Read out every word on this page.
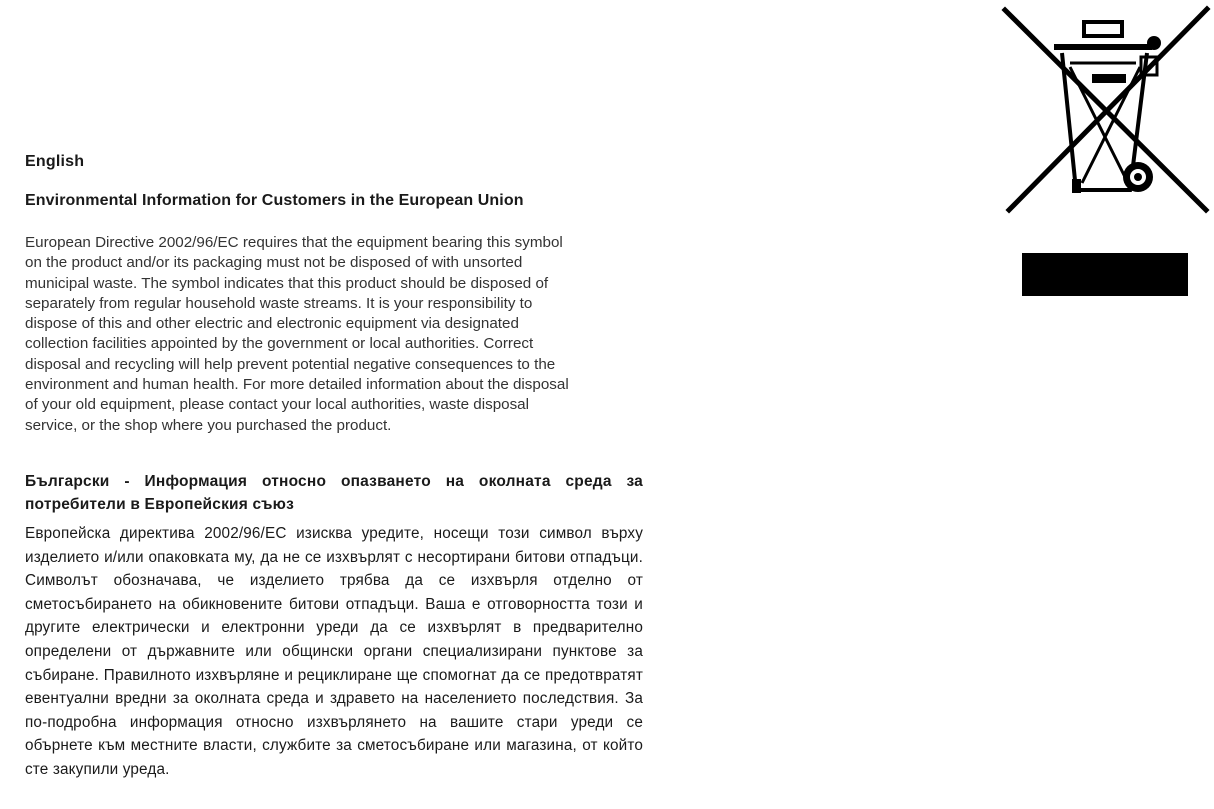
English
Environmental Information for Customers in the European Union

European Directive 2002/96/EC requires that the equipment bearing this symbol
on the product and/or its packaging must not be disposed of with unsorted
municipal waste. The symbol indicates that this product should be disposed of
separately from regular household waste streams. It is your responsibility to
dispose of this and other electric and electronic equipment via designated
collection facilities appointed by the government or local authorities. Correct
disposal and recycling will help prevent potential negative consequences to the
environment and human health. For more detailed information about the disposal
of your old equipment, please contact your local authorities, waste disposal
service, or the shop where you purchased the product.

Български - Информация относно опазването на околната среда за потребители в Европейския съюз

Европейска директива 2002/96/EC изисква уредите, носещи този символ върху изделието и/или опаковката му, да не се изхвърлят с несортирани битови отпадъци. Символът обозначава, че изделието трябва да се изхвърля отделно от сметосъбирането на обикновените битови отпадъци. Ваша е отговорността този и другите електрически и електронни уреди да се изхвърлят в предварително определени от държавните или общински органи специализирани пунктове за събиране. Правилното изхвърляне и рециклиране ще спомогнат да се предотвратят евентуални вредни за околната среда и здравето на населението последствия. За по-подробна информация относно изхвърлянето на вашите стари уреди се обърнете към местните власти, службите за сметосъбиране или магазина, от който сте закупили уреда.
